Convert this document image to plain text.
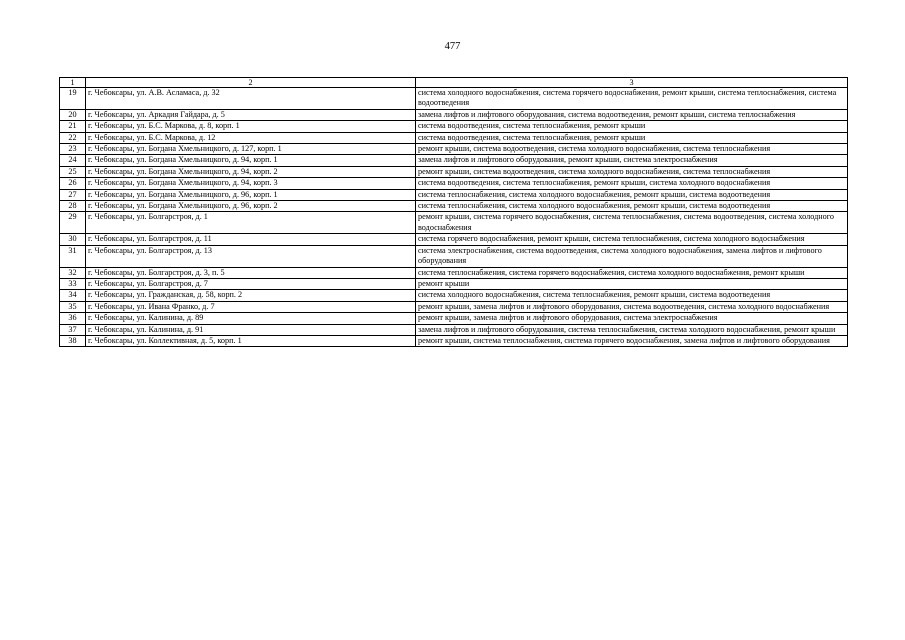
477
1	2	3
19	г. Чебоксары, ул. А.В. Асламаса, д. 32	система холодного водоснабжения, система горячего водоснабжения, ремонт крыши, система теплоснабжения, система водоотведения
20	г. Чебоксары, ул. Аркадия Гайдара, д. 5	замена лифтов и лифтового оборудования, система водоотведения, ремонт крыши, система теплоснабжения
21	г. Чебоксары, ул. Б.С. Маркова, д. 8, корп. 1	система водоотведения, система теплоснабжения, ремонт крыши
22	г. Чебоксары, ул. Б.С. Маркова, д. 12	система водоотведения, система теплоснабжения, ремонт крыши
23	г. Чебоксары, ул. Богдана Хмельницкого, д. 127, корп. 1	ремонт крыши, система водоотведения, система холодного водоснабжения, система теплоснабжения
24	г. Чебоксары, ул. Богдана Хмельницкого, д. 94, корп. 1	замена лифтов и лифтового оборудования, ремонт крыши, система электроснабжения
25	г. Чебоксары, ул. Богдана Хмельницкого, д. 94, корп. 2	ремонт крыши, система водоотведения, система холодного водоснабжения, система теплоснабжения
26	г. Чебоксары, ул. Богдана Хмельницкого, д. 94, корп. 3	система водоотведения, система теплоснабжения, ремонт крыши, система холодного водоснабжения
27	г. Чебоксары, ул. Богдана Хмельницкого, д. 96, корп. 1	система теплоснабжения, система холодного водоснабжения, ремонт крыши, система водоотведения
28	г. Чебоксары, ул. Богдана Хмельницкого, д. 96, корп. 2	система теплоснабжения, система холодного водоснабжения, ремонт крыши, система водоотведения
29	г. Чебоксары, ул. Болгарстроя, д. 1	ремонт крыши, система горячего водоснабжения, система теплоснабжения, система водоотведения, система холодного водоснабжения
30	г. Чебоксары, ул. Болгарстроя, д. 11	система горячего водоснабжения, ремонт крыши, система теплоснабжения, система холодного водоснабжения
31	г. Чебоксары, ул. Болгарстроя, д. 13	система электроснабжения, система водоотведения, система холодного водоснабжения, замена лифтов и лифтового оборудования
32	г. Чебоксары, ул. Болгарстроя, д. 3, п. 5	система теплоснабжения, система горячего водоснабжения, система холодного водоснабжения, ремонт крыши
33	г. Чебоксары, ул. Болгарстроя, д. 7	ремонт крыши
34	г. Чебоксары, ул. Гражданская, д. 58, корп. 2	система холодного водоснабжения, система теплоснабжения, ремонт крыши, система водоотведения
35	г. Чебоксары, ул. Ивана Франко, д. 7	ремонт крыши, замена лифтов и лифтового оборудования, система водоотведения, система холодного водоснабжения
36	г. Чебоксары, ул. Калинина, д. 89	ремонт крыши, замена лифтов и лифтового оборудования, система электроснабжения
37	г. Чебоксары, ул. Калинина, д. 91	замена лифтов и лифтового оборудования, система теплоснабжения, система холодного водоснабжения, ремонт крыши
38	г. Чебоксары, ул. Коллективная, д. 5, корп. 1	ремонт крыши, система теплоснабжения, система горячего водоснабжения, замена лифтов и лифтового оборудования
